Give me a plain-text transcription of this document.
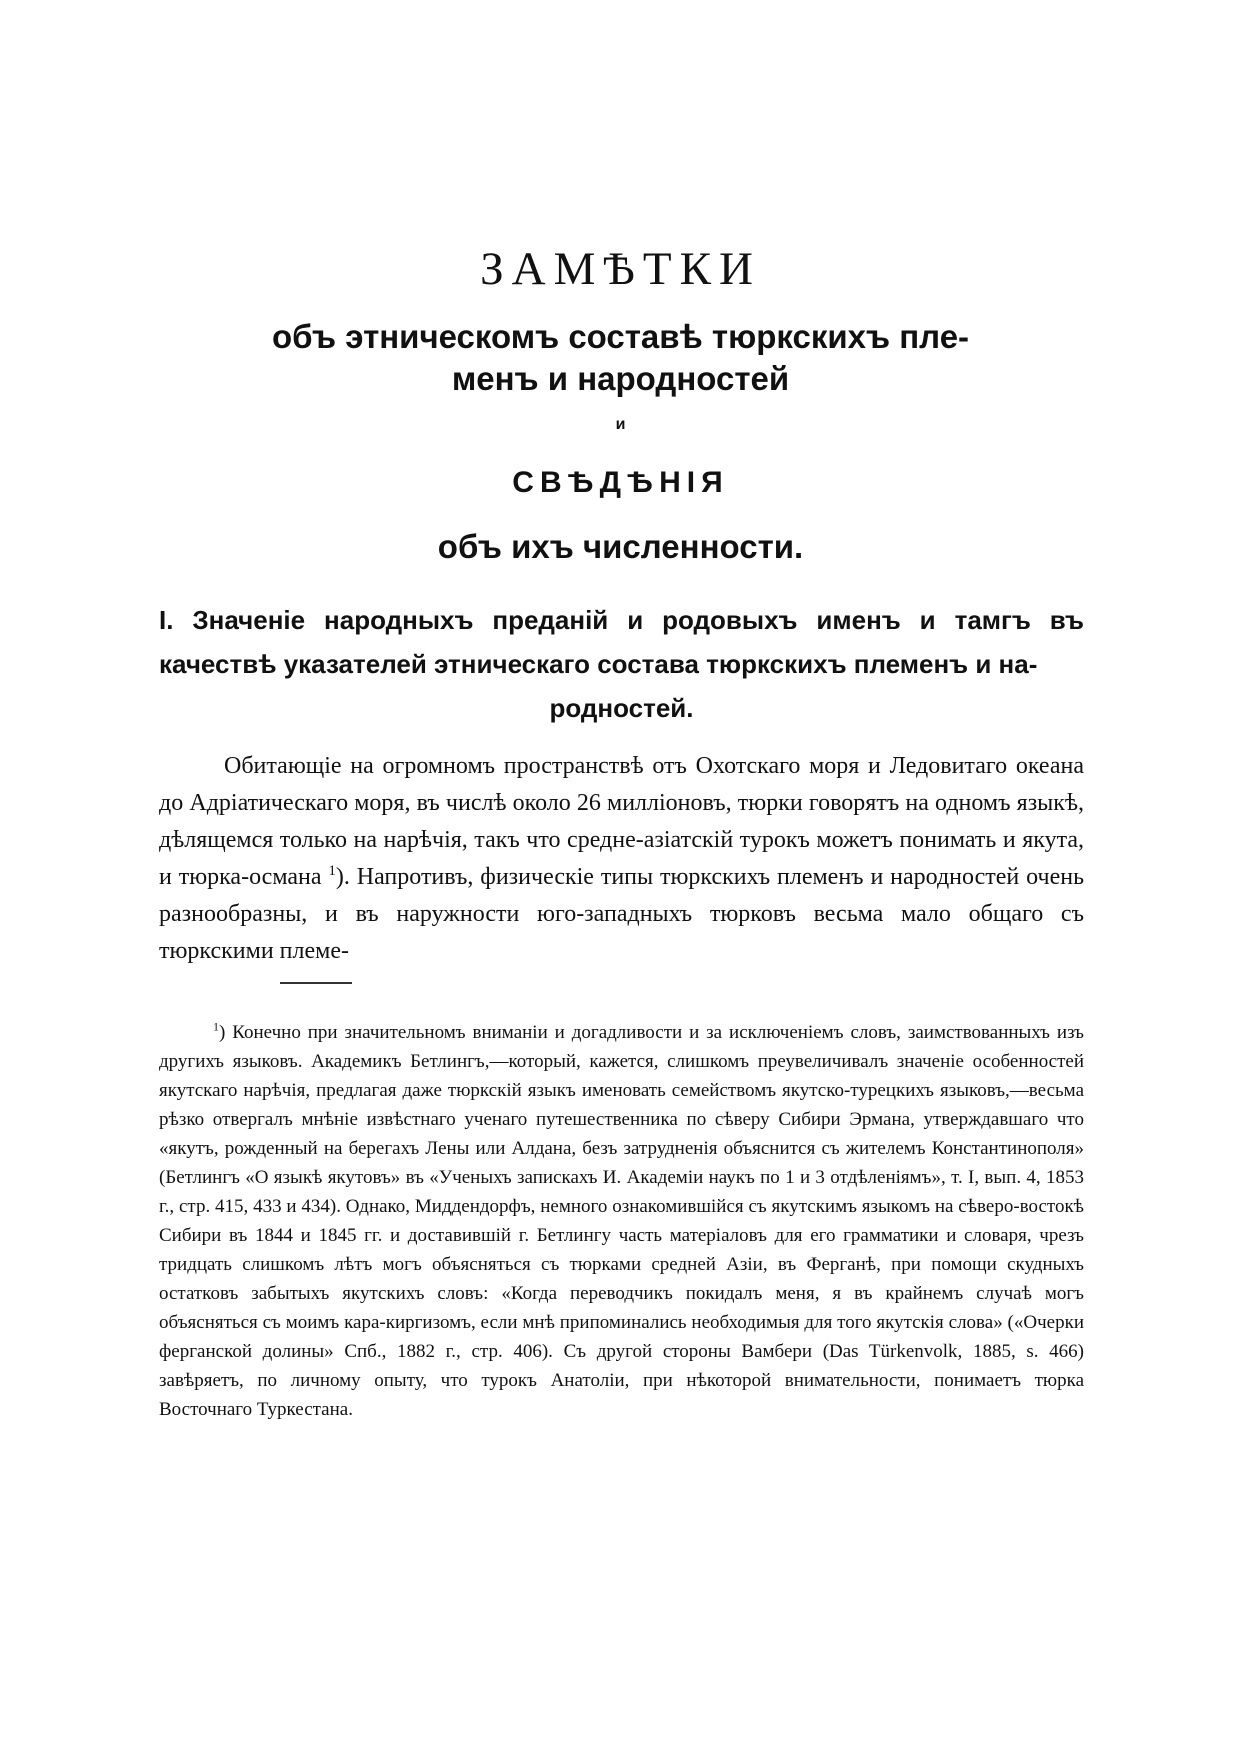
ЗАМѢТКИ
объ этническомъ составѣ тюркскихъ пле-
менъ и народностей
и
СВѢДѢНІЯ
объ ихъ численности.
I. Значеніе народныхъ преданій и родовыхъ именъ и тамгъ въ качествѣ указателей этническаго состава тюркскихъ племенъ и на-
родностей.

Обитающіе на огромномъ пространствѣ отъ Охотскаго моря и Ледовитаго океана до Адріатическаго моря, въ числѣ около 26 милліоновъ, тюрки говорятъ на одномъ языкѣ, дѣлящемся только на нарѣчія, такъ что средне-азіатскій турокъ можетъ понимать и якута, и тюрка-османа $^1$). Напротивъ, физическіе типы тюркскихъ племенъ и народностей очень разнообразны, и въ наружности юго-западныхъ тюрковъ весьма мало общаго съ тюркскими племе-

$^1$) Конечно при значительномъ вниманіи и догадливости и за исключеніемъ словъ, заимствованныхъ изъ другихъ языковъ. Академикъ Бетлингъ,—который, кажется, слишкомъ преувеличивалъ значеніе особенностей якутскаго нарѣчія, предлагая даже тюркскій языкъ именовать семействомъ якутско-турецкихъ языковъ,—весьма рѣзко отвергалъ мнѣніе извѣстнаго ученаго путешественника по сѣверу Сибири Эрмана, утверждавшаго что «якутъ, рожденный на берегахъ Лены или Алдана, безъ затрудненія объяснится съ жителемъ Константинополя» (Бетлингъ «О языкѣ якутовъ» въ «Ученыхъ запискахъ И. Академіи наукъ по 1 и 3 отдѣленіямъ», т. I, вып. 4, 1853 г., стр. 415, 433 и 434). Однако, Миддендорфъ, немного ознакомившійся съ якутскимъ языкомъ на сѣверо-востокѣ Сибири въ 1844 и 1845 гг. и доставившій г. Бетлингу часть матеріаловъ для его грамматики и словаря, чрезъ тридцать слишкомъ лѣтъ могъ объясняться съ тюрками средней Азіи, въ Ферганѣ, при помощи скудныхъ остатковъ забытыхъ якутскихъ словъ: «Когда переводчикъ покидалъ меня, я въ крайнемъ случаѣ могъ объясняться съ моимъ кара-киргизомъ, если мнѣ припоминались необходимыя для того якутскія слова» («Очерки ферганской долины» Спб., 1882 г., стр. 406). Съ другой стороны Вамбери (Das Türkenvolk, 1885, s. 466) завѣряетъ, по личному опыту, что турокъ Анатоліи, при нѣкоторой внимательности, понимаетъ тюрка Восточнаго Туркестана.
